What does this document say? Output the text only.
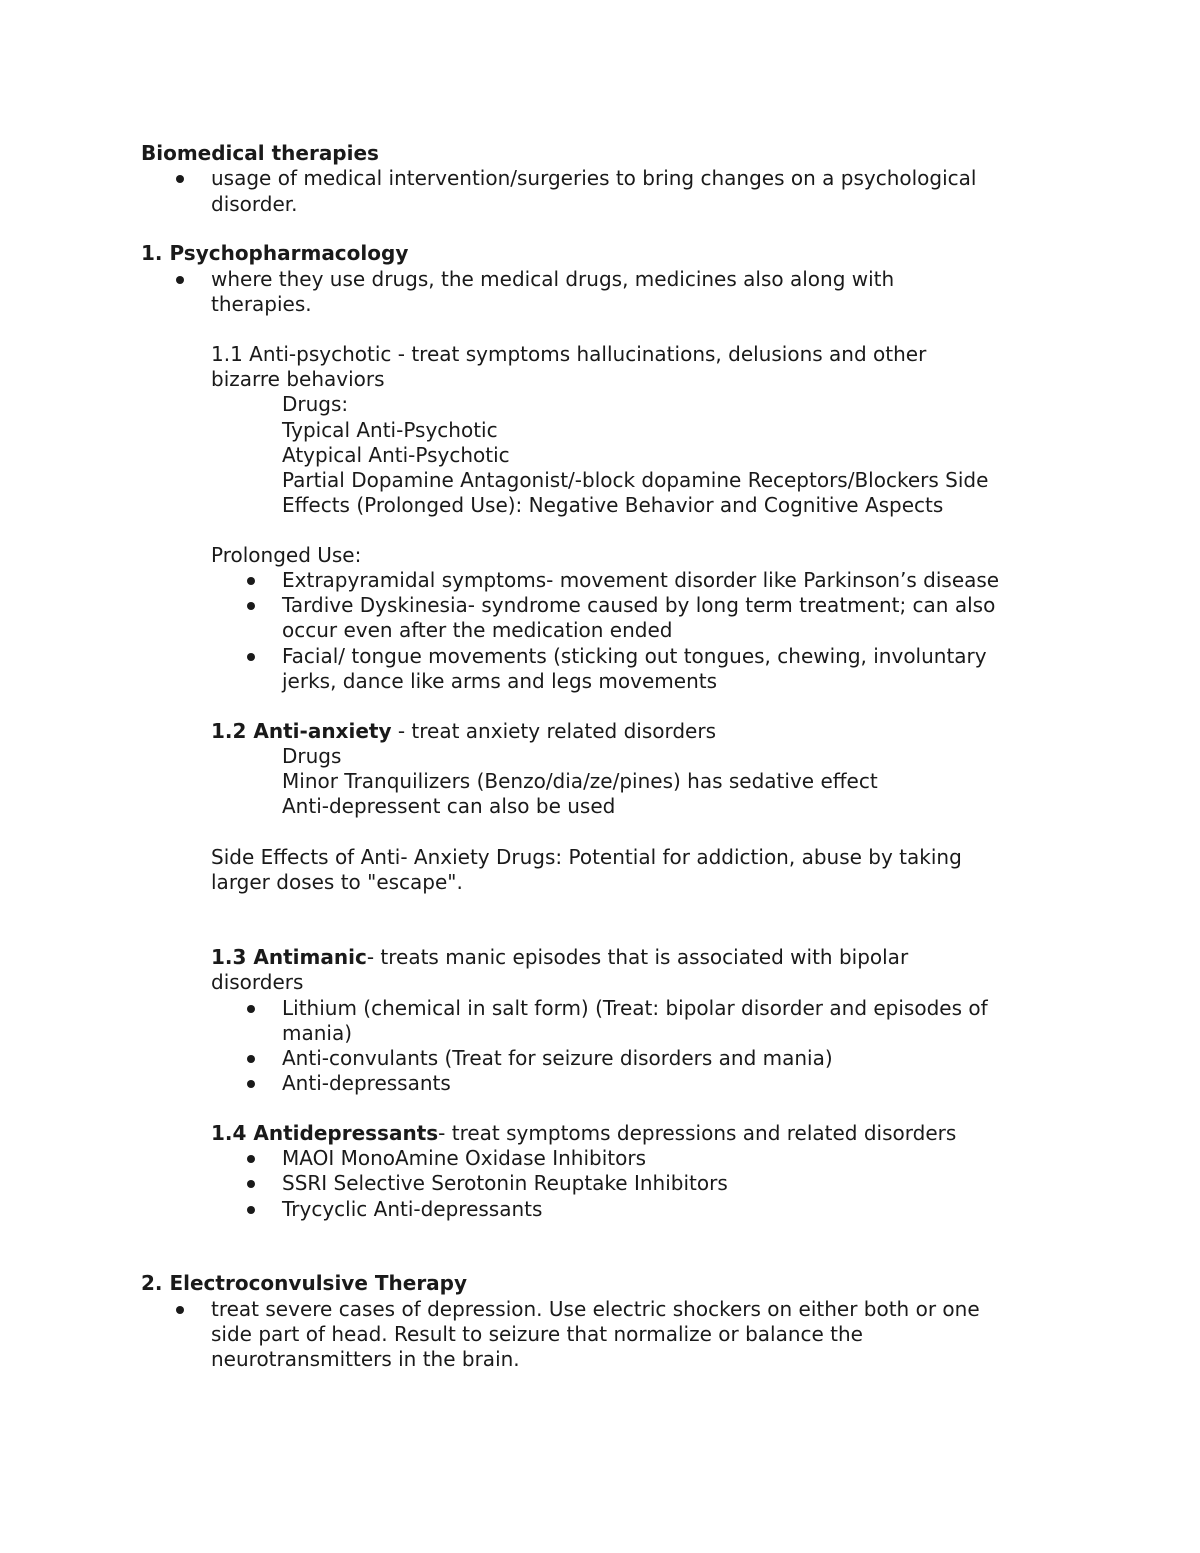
Biomedical therapies
usage of medical intervention/surgeries to bring changes on a psychological
disorder.
1. Psychopharmacology
where they use drugs, the medical drugs, medicines also along with
therapies.
1.1 Anti-psychotic - treat symptoms hallucinations, delusions and other
bizarre behaviors
Drugs:
Typical Anti-Psychotic
Atypical Anti-Psychotic
Partial Dopamine Antagonist/-block dopamine Receptors/Blockers Side
Effects (Prolonged Use): Negative Behavior and Cognitive Aspects
Prolonged Use:
Extrapyramidal symptoms- movement disorder like Parkinson’s disease
Tardive Dyskinesia- syndrome caused by long term treatment; can also
occur even after the medication ended
Facial/ tongue movements (sticking out tongues, chewing, involuntary
jerks, dance like arms and legs movements
1.2 Anti-anxiety - treat anxiety related disorders
Drugs
Minor Tranquilizers (Benzo/dia/ze/pines) has sedative effect
Anti-depressent can also be used
Side Effects of Anti- Anxiety Drugs: Potential for addiction, abuse by taking
larger doses to "escape".
1.3 Antimanic- treats manic episodes that is associated with bipolar
disorders
Lithium (chemical in salt form) (Treat: bipolar disorder and episodes of
mania)
Anti-convulants (Treat for seizure disorders and mania)
Anti-depressants
1.4 Antidepressants- treat symptoms depressions and related disorders
MAOI MonoAmine Oxidase Inhibitors
SSRI Selective Serotonin Reuptake Inhibitors
Trycyclic Anti-depressants
2. Electroconvulsive Therapy
treat severe cases of depression. Use electric shockers on either both or one
side part of head. Result to seizure that normalize or balance the
neurotransmitters in the brain.
